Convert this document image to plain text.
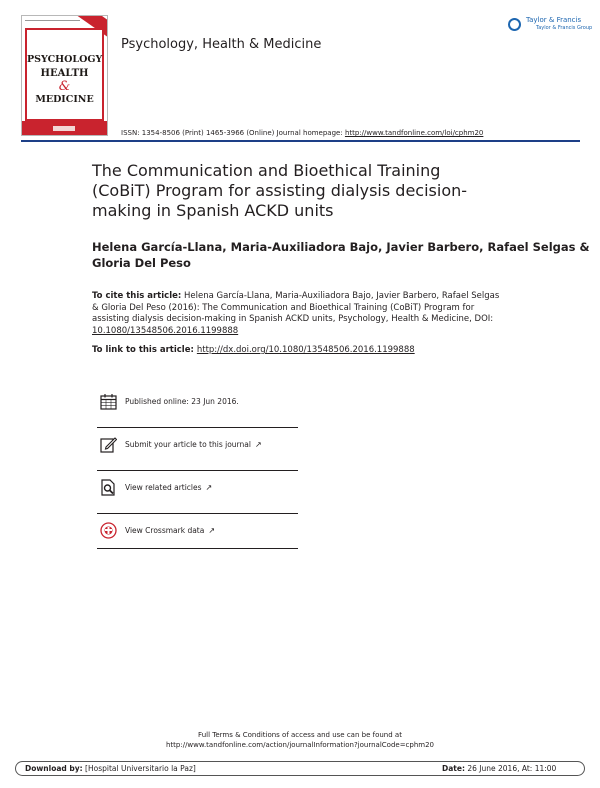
PSYCHOLOGY
HEALTH
&
MEDICINE
Psychology, Health & Medicine
Taylor & Francis
Taylor & Francis Group
ISSN: 1354-8506 (Print) 1465-3966 (Online) Journal homepage: http://www.tandfonline.com/loi/cphm20
The Communication and Bioethical Training
(CoBiT) Program for assisting dialysis decision-
making in Spanish ACKD units
Helena García-Llana, Maria-Auxiliadora Bajo, Javier Barbero, Rafael Selgas &
Gloria Del Peso
To cite this article: Helena García-Llana, Maria-Auxiliadora Bajo, Javier Barbero, Rafael Selgas
& Gloria Del Peso (2016): The Communication and Bioethical Training (CoBiT) Program for
assisting dialysis decision-making in Spanish ACKD units, Psychology, Health & Medicine, DOI:
10.1080/13548506.2016.1199888
To link to this article: http://dx.doi.org/10.1080/13548506.2016.1199888
Published online: 23 Jun 2016.
Submit your article to this journal ↗
View related articles ↗
View Crossmark data ↗
Full Terms & Conditions of access and use can be found at
http://www.tandfonline.com/action/journalInformation?journalCode=cphm20
Download by: [Hospital Universitario la Paz]	Date: 26 June 2016, At: 11:00
